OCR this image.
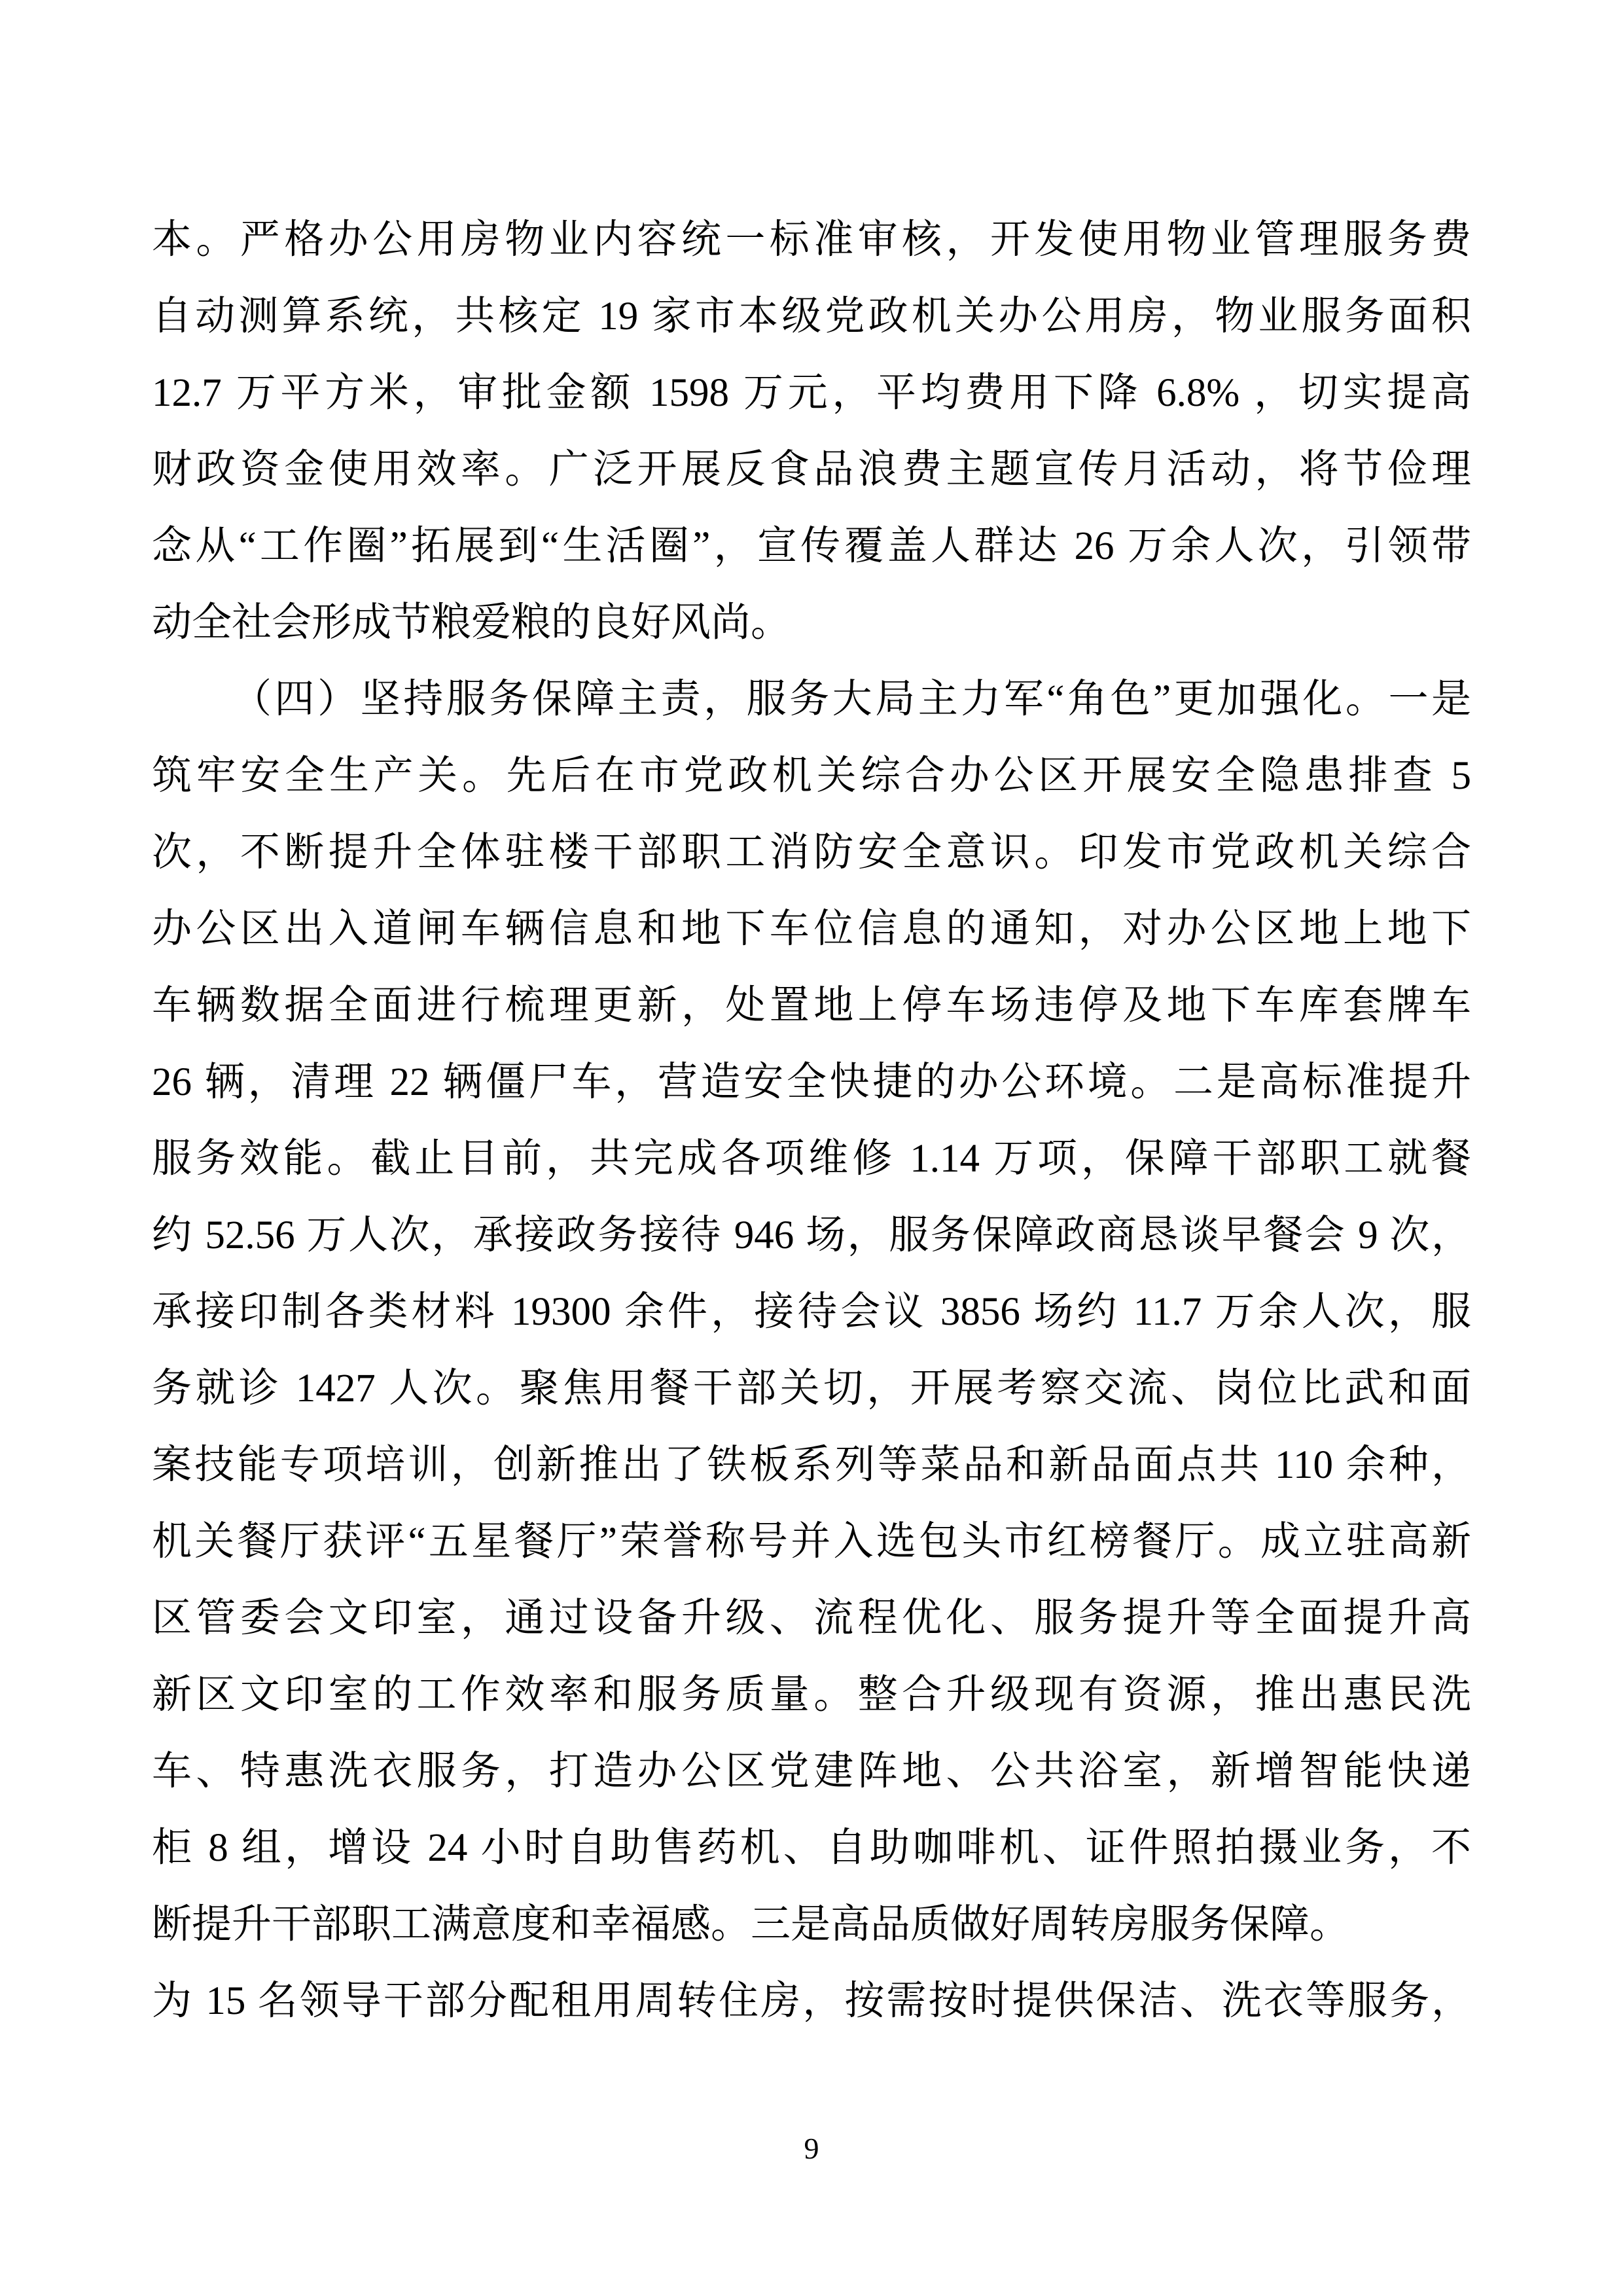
本。严格办公用房物业内容统一标准审核，开发使用物业管理服务费
自动测算系统，共核定 19 家市本级党政机关办公用房，物业服务面积
12.7 万平方米，审批金额 1598 万元，平均费用下降 6.8% ，切实提高
财政资金使用效率。广泛开展反食品浪费主题宣传月活动，将节俭理
念从“工作圈”拓展到“生活圈”，宣传覆盖人群达 26 万余人次，引领带
动全社会形成节粮爱粮的良好风尚。
（四）坚持服务保障主责，服务大局主力军“角色”更加强化。一是
筑牢安全生产关。先后在市党政机关综合办公区开展安全隐患排查 5
次，不断提升全体驻楼干部职工消防安全意识。印发市党政机关综合
办公区出入道闸车辆信息和地下车位信息的通知，对办公区地上地下
车辆数据全面进行梳理更新，处置地上停车场违停及地下车库套牌车
26 辆，清理 22 辆僵尸车，营造安全快捷的办公环境。二是高标准提升
服务效能。截止目前，共完成各项维修 1.14 万项，保障干部职工就餐
约 52.56 万人次，承接政务接待 946 场，服务保障政商恳谈早餐会 9 次，
承接印制各类材料 19300 余件，接待会议 3856 场约 11.7 万余人次，服
务就诊 1427 人次。聚焦用餐干部关切，开展考察交流、岗位比武和面
案技能专项培训，创新推出了铁板系列等菜品和新品面点共 110 余种，
机关餐厅获评“五星餐厅”荣誉称号并入选包头市红榜餐厅。成立驻高新
区管委会文印室，通过设备升级、流程优化、服务提升等全面提升高
新区文印室的工作效率和服务质量。整合升级现有资源，推出惠民洗
车、特惠洗衣服务，打造办公区党建阵地、公共浴室，新增智能快递
柜 8 组，增设 24 小时自助售药机、自助咖啡机、证件照拍摄业务，不
断提升干部职工满意度和幸福感。三是高品质做好周转房服务保障。
为 15 名领导干部分配租用周转住房，按需按时提供保洁、洗衣等服务，
9
